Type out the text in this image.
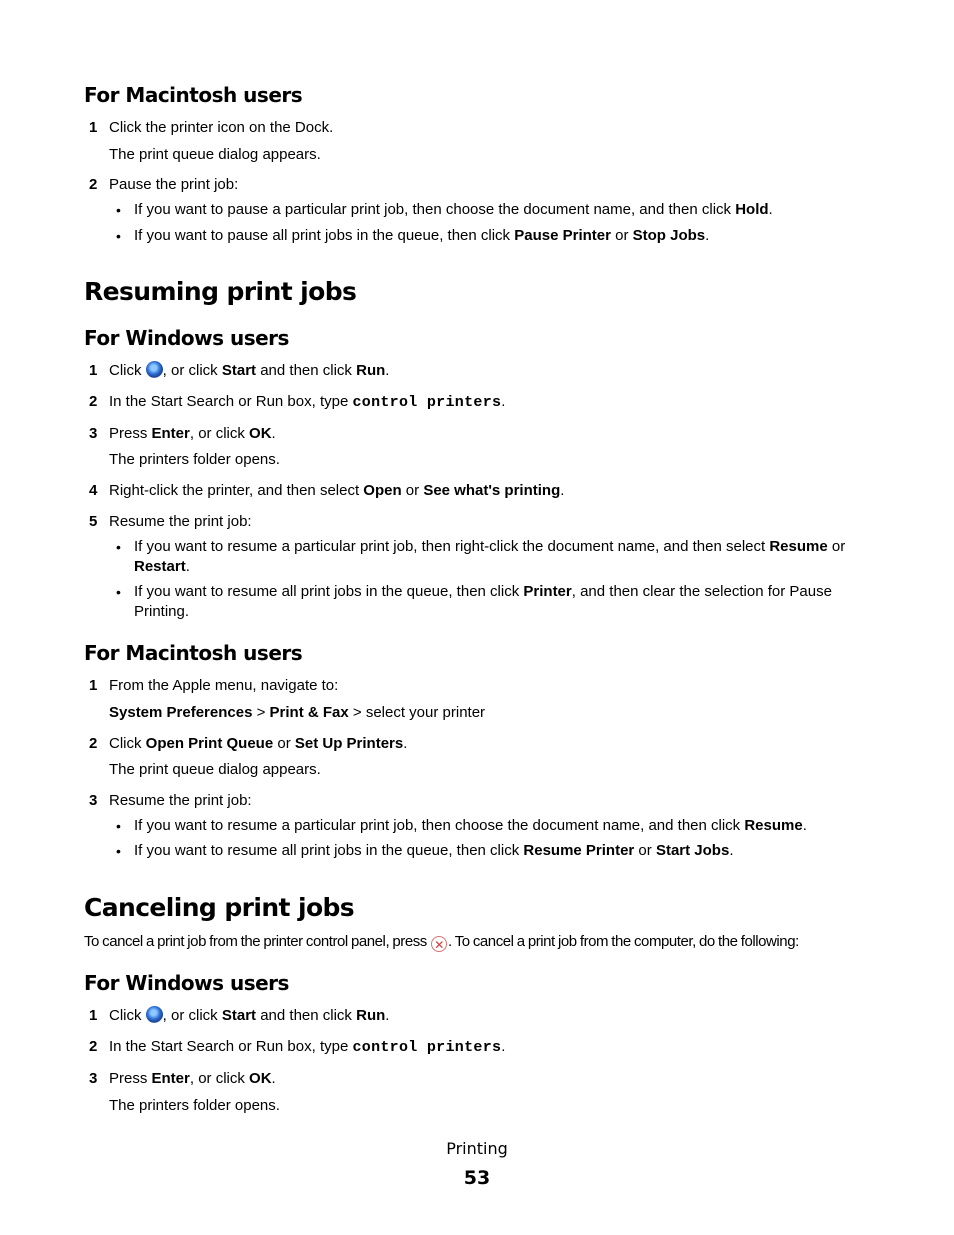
For Macintosh users
1 Click the printer icon on the Dock.
The print queue dialog appears.
2 Pause the print job:
• If you want to pause a particular print job, then choose the document name, and then click Hold.
• If you want to pause all print jobs in the queue, then click Pause Printer or Stop Jobs.
Resuming print jobs
For Windows users
1 Click , or click Start and then click Run.
2 In the Start Search or Run box, type control printers.
3 Press Enter, or click OK.
The printers folder opens.
4 Right-click the printer, and then select Open or See what's printing.
5 Resume the print job:
• If you want to resume a particular print job, then right-click the document name, and then select Resume or Restart.
• If you want to resume all print jobs in the queue, then click Printer, and then clear the selection for Pause Printing.
For Macintosh users
1 From the Apple menu, navigate to:
System Preferences > Print & Fax > select your printer
2 Click Open Print Queue or Set Up Printers.
The print queue dialog appears.
3 Resume the print job:
• If you want to resume a particular print job, then choose the document name, and then click Resume.
• If you want to resume all print jobs in the queue, then click Resume Printer or Start Jobs.
Canceling print jobs
To cancel a print job from the printer control panel, press ✕ . To cancel a print job from the computer, do the following:
For Windows users
1 Click , or click Start and then click Run.
2 In the Start Search or Run box, type control printers.
3 Press Enter, or click OK.
The printers folder opens.
Printing
53
